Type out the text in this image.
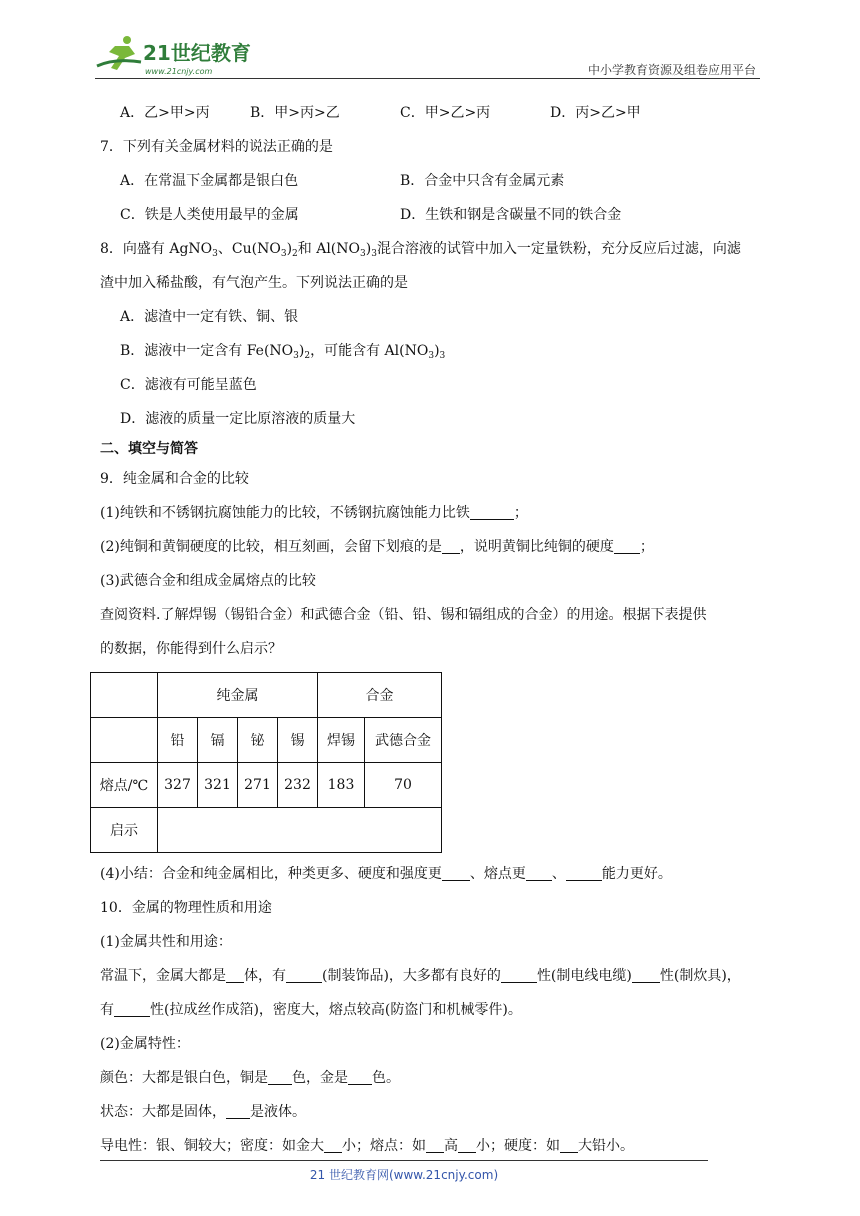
21世纪教育
www.21cnjy.com	中小学教育资源及组卷应用平台
A．乙>甲>丙	B．甲>丙>乙	C．甲>乙>丙	D．丙>乙>甲
7．下列有关金属材料的说法正确的是
A．在常温下金属都是银白色	B．合金中只含有金属元素
C．铁是人类使用最早的金属	D．生铁和钢是含碳量不同的铁合金
8．向盛有 AgNO$_3$、$Cu(NO_3)_2$和 $Al(NO_3)_3$混合溶液的试管中加入一定量铁粉，充分反应后过滤，向滤
渣中加入稀盐酸，有气泡产生。下列说法正确的是
A．滤渣中一定有铁、铜、银
B．滤液中一定含有 $Fe(NO_3)_2$，可能含有 $Al(NO_3)_3$
C．滤液有可能呈蓝色
D．滤液的质量一定比原溶液的质量大
二、填空与简答
9．纯金属和合金的比较
(1)纯铁和不锈钢抗腐蚀能力的比较，不锈钢抗腐蚀能力比铁	；
(2)纯铜和黄铜硬度的比较，相互刻画，会留下划痕的是 ，说明黄铜比纯铜的硬度 ；
(3)武德合金和组成金属熔点的比较
查阅资料.了解焊锡（锡铅合金）和武德合金（铅、铅、锡和镉组成的合金）的用途。根据下表提供
的数据，你能得到什么启示？
	纯金属				合金	
	铅	镉	铋	锡	焊锡	武德合金
熔点/℃	327	321	271	232	183	70
启示						
(4)小结：合金和纯金属相比，种类更多、硬度和强度更 、熔点更 、	能力更好。
10．金属的物理性质和用途
(1)金属共性和用途：
常温下，金属大都是 体，有	(制装饰品)，大多都有良好的	性(制电线电缆) 性(制炊具)，
有	性(拉成丝作成箔)，密度大，熔点较高(防盗门和机械零件)。
(2)金属特性：
颜色：大都是银白色，铜是 色，金是 色。
状态：大都是固体， 是液体。
导电性：银、铜较大；密度：如金大 小；熔点：如 高 小；硬度：如 大铅小。
21 世纪教育网(www.21cnjy.com)
